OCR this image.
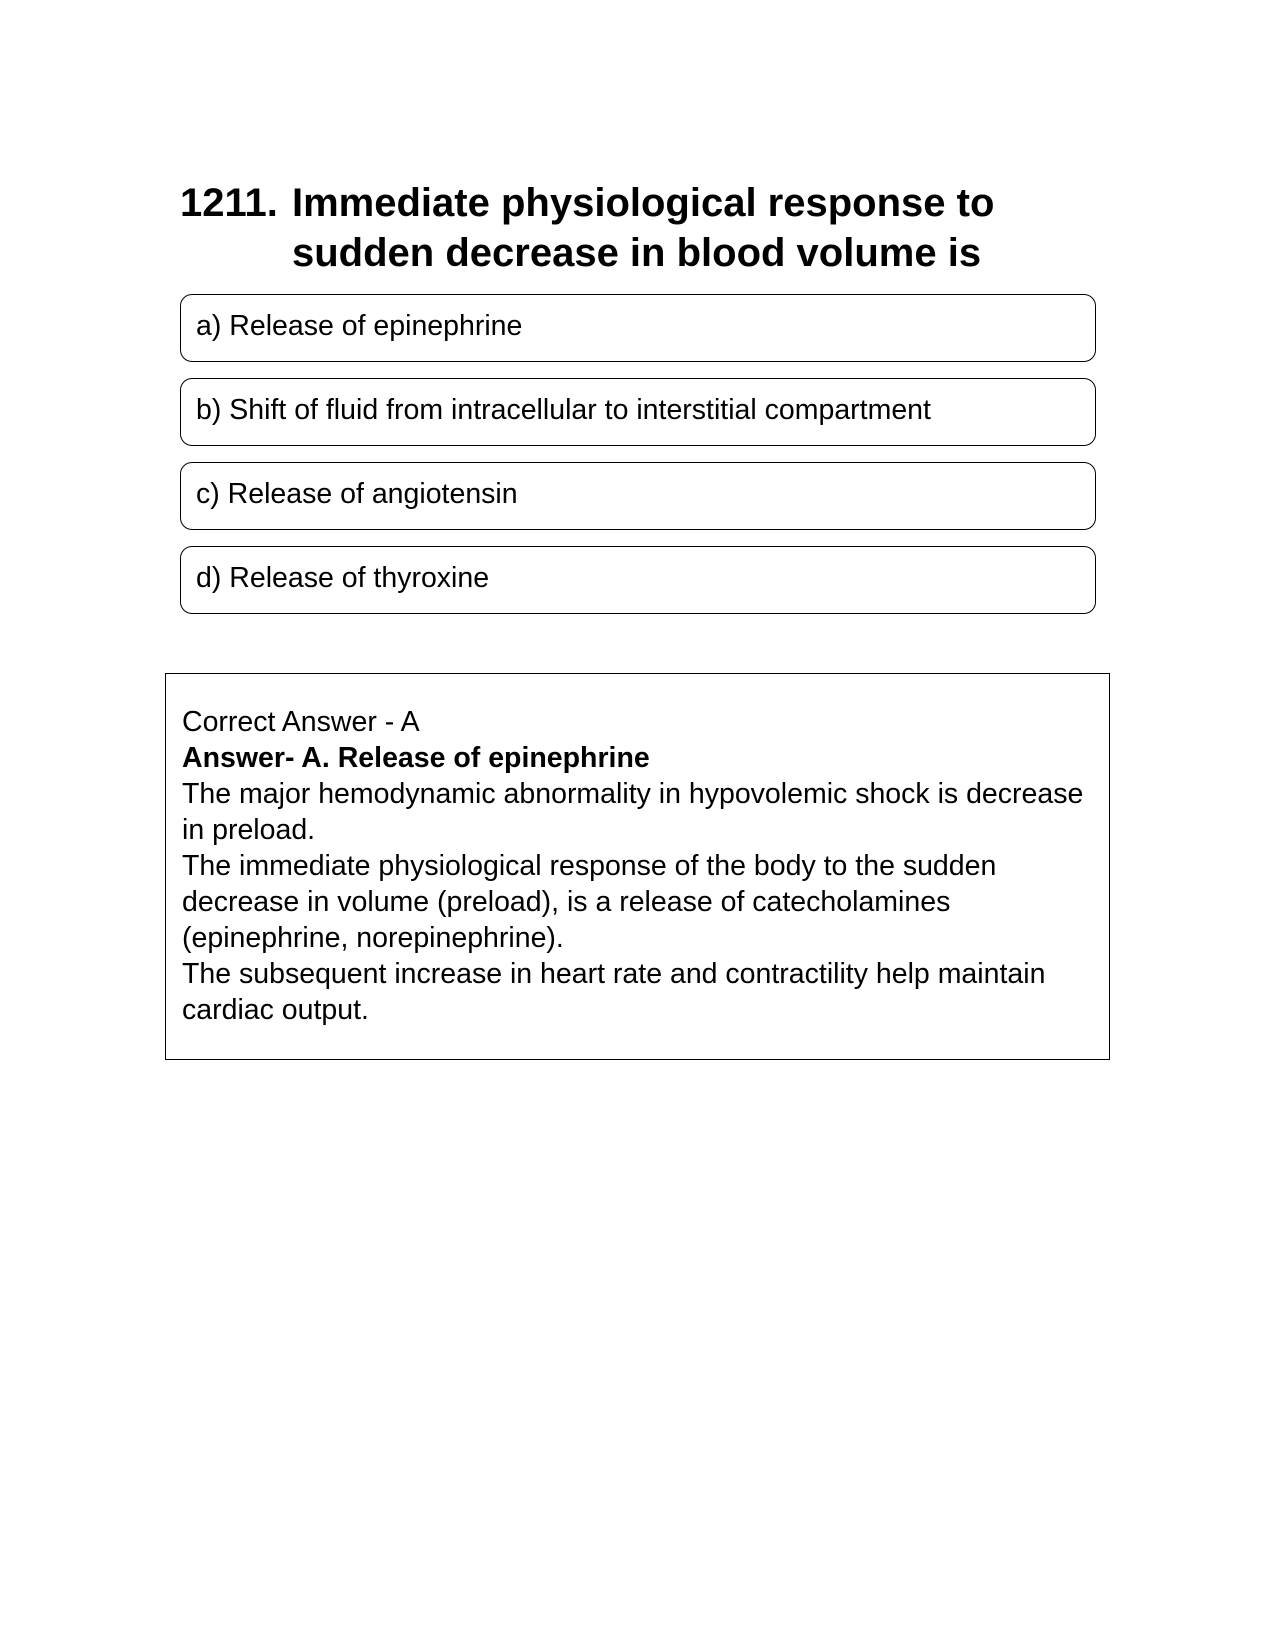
1211. Immediate physiological response to sudden decrease in blood volume is
a) Release of epinephrine
b) Shift of fluid from intracellular to interstitial compartment
c) Release of angiotensin
d) Release of thyroxine

Correct Answer - A

Answer- A. Release of epinephrine

The major hemodynamic abnormality in hypovolemic shock is decrease in preload.

The immediate physiological response of the body to the sudden decrease in volume (preload), is a release of catecholamines (epinephrine, norepinephrine).

The subsequent increase in heart rate and contractility help maintain cardiac output.
